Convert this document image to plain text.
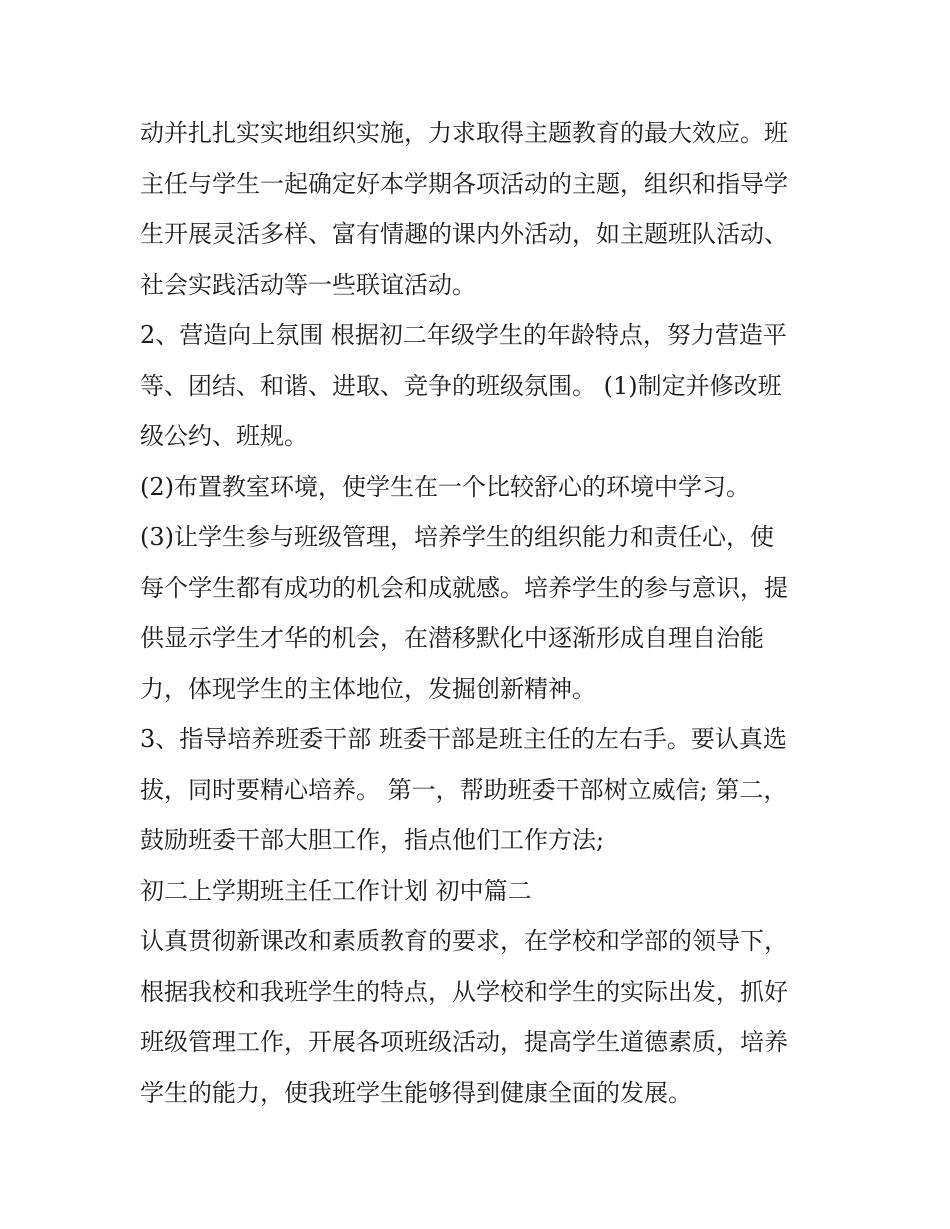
动并扎扎实实地组织实施，力求取得主题教育的最大效应。班
主任与学生一起确定好本学期各项活动的主题，组织和指导学
生开展灵活多样、富有情趣的课内外活动，如主题班队活动、
社会实践活动等一些联谊活动。
2、营造向上氛围 根据初二年级学生的年龄特点，努力营造平
等、团结、和谐、进取、竞争的班级氛围。 (1)制定并修改班
级公约、班规。
(2)布置教室环境，使学生在一个比较舒心的环境中学习。
(3)让学生参与班级管理，培养学生的组织能力和责任心，使
每个学生都有成功的机会和成就感。培养学生的参与意识，提
供显示学生才华的机会，在潜移默化中逐渐形成自理自治能
力，体现学生的主体地位，发掘创新精神。
3、指导培养班委干部 班委干部是班主任的左右手。要认真选
拔，同时要精心培养。 第一，帮助班委干部树立威信; 第二，
鼓励班委干部大胆工作，指点他们工作方法;
初二上学期班主任工作计划 初中篇二
认真贯彻新课改和素质教育的要求，在学校和学部的领导下，
根据我校和我班学生的特点，从学校和学生的实际出发，抓好
班级管理工作，开展各项班级活动，提高学生道德素质，培养
学生的能力，使我班学生能够得到健康全面的发展。
